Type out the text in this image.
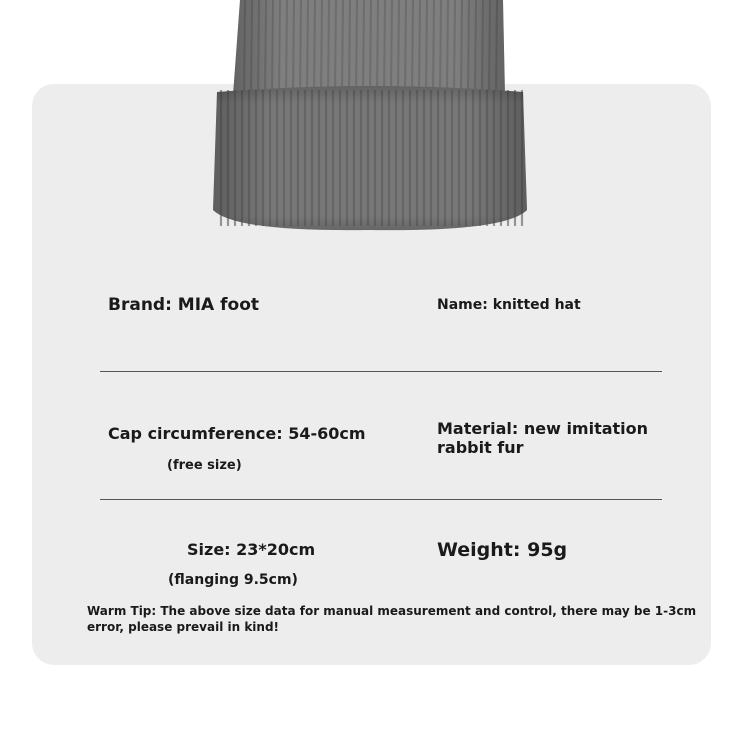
Brand: MIA foot	Name: knitted hat
Cap circumference: 54-60cm
(free size)
Material: new imitation
rabbit fur
Size: 23*20cm
(flanging 9.5cm)
Weight: 95g
Warm Tip: The above size data for manual measurement and control, there may be 1-3cm
error, please prevail in kind!
